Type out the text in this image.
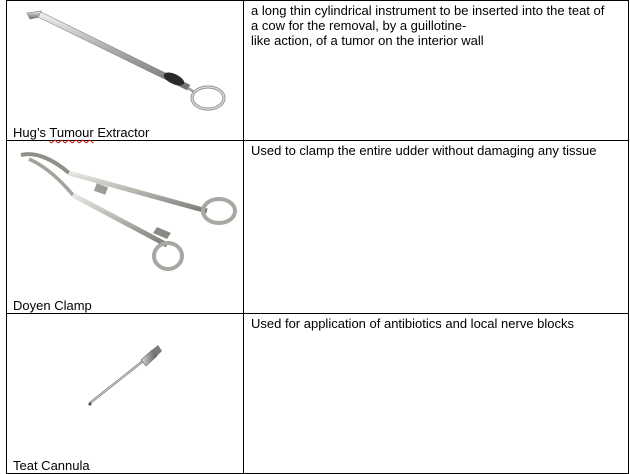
Hug’s Tumour Extractor	a long thin cylindrical instrument to be inserted into the teat of
a cow for the removal, by a guillotine-
like action, of a tumor on the interior wall

Doyen Clamp	Used to clamp the entire udder without damaging any tissue

Teat Cannula	Used for application of antibiotics and local nerve blocks
